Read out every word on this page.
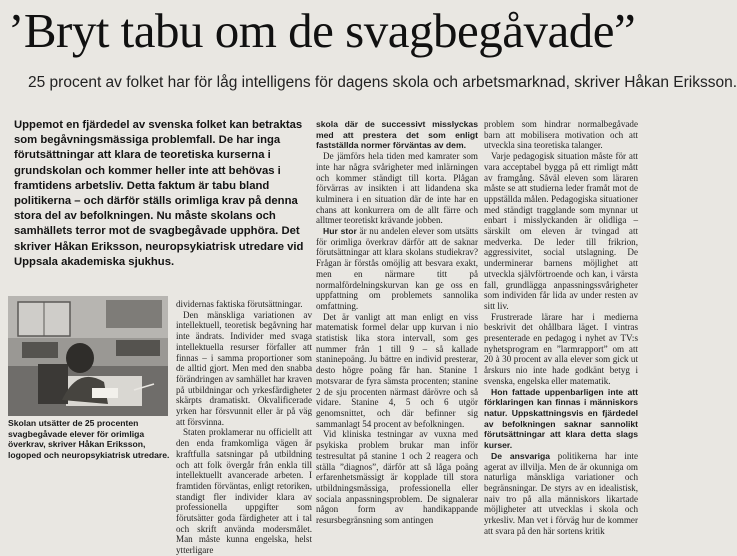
’Bryt tabu om de svagbegåvade”
25 procent av folket har för låg intelligens för dagens skola och arbetsmarknad, skriver Håkan Eriksson.
Uppemot en fjärdedel av svenska folket kan betraktas som begåvningsmässiga problemfall. De har inga förutsättningar att klara de teoretiska kurserna i grundskolan och kommer heller inte att behövas i framtidens arbetsliv. Detta faktum är tabu bland politikerna – och därför ställs orimliga krav på denna stora del av befolkningen. Nu måste skolans och samhällets terror mot de svagbegåvade upphöra. Det skriver Håkan Eriksson, neuropsykiatrisk utredare vid Uppsala akademiska sjukhus.
Skolan utsätter de 25 procenten svagbegåvade elever för orimliga överkrav, skriver Håkan Eriksson, logoped och neuropsykiatrisk utredare.

dividernas faktiska förutsättningar.

Den mänskliga variationen av intellektuell, teoretisk begåvning har inte ändrats. Individer med svaga intellektuella resurser förfaller att finnas – i samma proportioner som de alltid gjort. Men med den snabba förändringen av samhället har kraven på utbildningar och yrkesfärdigheter skärpts dramatiskt. Okvalificerade yrken har försvunnit eller är på väg att försvinna.

Staten proklamerar nu officiellt att den enda framkomliga vägen är kraftfulla satsningar på utbildning och att folk övergår från enkla till intellektuellt avancerade arbeten. I framtiden förväntas, enligt retoriken, standigt fler individer klara av professionella uppgifter som förutsätter goda färdigheter att i tal och skrift använda modersmålet. Man måste kunna engelska, helst ytterligare

skola där de successivt misslyckas med att prestera det som enligt fastställda normer förväntas av dem.

De jämförs hela tiden med kamrater som inte har några svårigheter med inlärningen och kommer ständigt till korta. Plågan förvärras av insikten i att lidandena ska kulminera i en situation där de inte har en chans att konkurrera om de allt färre och alltmer teoretiskt krävande jobben.

Hur stor är nu andelen elever som utsätts för orimliga överkrav därför att de saknar förutsättningar att klara skolans studiekrav? Frågan är förstås omöjlig att besvara exakt, men en närmare titt på normalfördelningskurvan kan ge oss en uppfattning om problemets sannolika omfattning.

Det är vanligt att man enligt en viss matematisk formel delar upp kurvan i nio statistisk lika stora intervall, som ges nummer från 1 till 9 – så kallade staninepoäng. Ju bättre en individ presterar, desto högre poäng får han. Stanine 1 motsvarar de fyra sämsta procenten; stanine 2 de sju procenten närmast därövre och så vidare. Stanine 4, 5 och 6 utgör genomsnittet, och där befinner sig sammanlagt 54 procent av befolkningen.

Vid kliniska testningar av vuxna med psykiska problem brukar man inför testresultat på stanine 1 och 2 reagera och ställa ”diagnos”, därför att så låga poäng erfarenhetsmässigt är kopplade till stora utbildningsmässiga, professionella eller sociala anpassningsproblem. De signalerar någon form av handikappande resursbegränsning som antingen

problem som hindrar normalbegåvade barn att mobilisera motivation och att utveckla sina teoretiska talanger.

Varje pedagogisk situation måste för att vara acceptabel bygga på ett rimligt mått av framgång. Såväl eleven som läraren måste se att studierna leder framåt mot de uppställda målen. Pedagogiska situationer med ständigt tragglande som mynnar ut enbart i misslyckanden är olidliga – särskilt om eleven är tvingad att medverka. De leder till frikrion, aggressivitet, social utslagning. De underminerar barnens möjlighet att utveckla självförtroende och kan, i värsta fall, grundlägga anpassningssvårigheter som individen får lida av under resten av sitt liv.

Frustrerade lärare har i medierna beskrivit det ohållbara läget. I vintras presenterade en pedagog i nyhet av TV:s nyhetsprogram en ”larmrapport” om att 20 à 30 procent av alla elever som gick ut årskurs nio inte hade godkänt betyg i svenska, engelska eller matematik.

Hon fattade uppenbarligen inte att förklaringen kan finnas i människors natur. Uppskattningsvis en fjärdedel av befolkningen saknar sannolikt förutsättningar att klara detta slags kurser.

De ansvariga politikerna har inte agerat av illvilja. Men de är okunniga om naturliga mänskliga variationer och begränsningar. De styrs av en idealistisk, naiv tro på alla människors likartade möjligheter att utvecklas i skola och yrkesliv. Man vet i förväg hur de kommer att svara på den här sortens kritik
